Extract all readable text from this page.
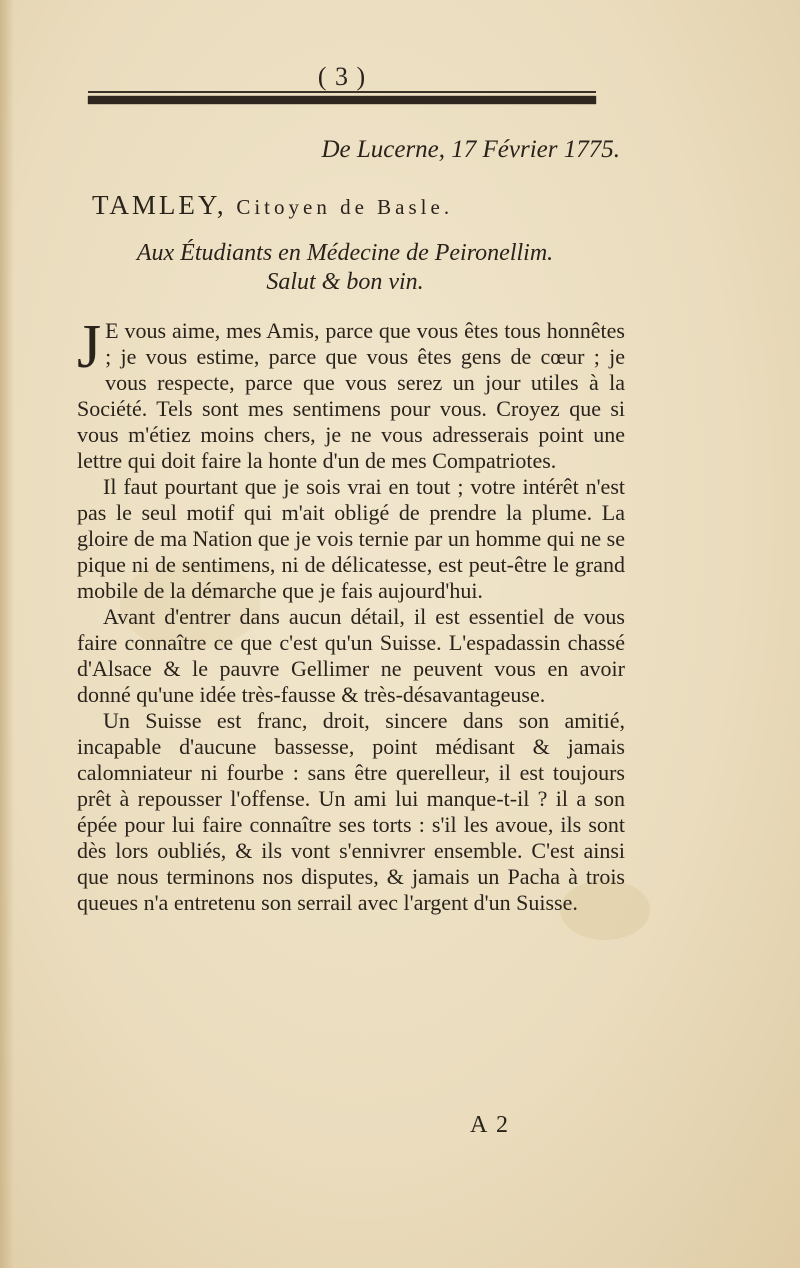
( 3 )
De Lucerne, 17 Février 1775.
TAMLEY, Citoyen de Basle.
Aux Étudiants en Médecine de Peironellim.
Salut & bon vin.

J E vous aime, mes Amis, parce que vous êtes tous honnêtes ; je vous estime, parce que vous êtes gens de cœur ; je vous respecte, parce que vous serez un jour utiles à la Société. Tels sont mes sentimens pour vous. Croyez que si vous m'étiez moins chers, je ne vous adresserais point une lettre qui doit faire la honte d'un de mes Compatriotes.

Il faut pourtant que je sois vrai en tout ; votre intérêt n'est pas le seul motif qui m'ait obligé de prendre la plume. La gloire de ma Nation que je vois ternie par un homme qui ne se pique ni de sentimens, ni de délicatesse, est peut-être le grand mobile de la démarche que je fais aujourd'hui.

Avant d'entrer dans aucun détail, il est essentiel de vous faire connaître ce que c'est qu'un Suisse. L'espadassin chassé d'Alsace & le pauvre Gellimer ne peuvent vous en avoir donné qu'une idée très-fausse & très-désavantageuse.

Un Suisse est franc, droit, sincere dans son amitié, incapable d'aucune bassesse, point médisant & jamais calomniateur ni fourbe : sans être querelleur, il est toujours prêt à repousser l'offense. Un ami lui manque-t-il ? il a son épée pour lui faire connaître ses torts : s'il les avoue, ils sont dès lors oubliés, & ils vont s'ennivrer ensemble. C'est ainsi que nous terminons nos disputes, & jamais un Pacha à trois queues n'a entretenu son serrail avec l'argent d'un Suisse.

A 2
